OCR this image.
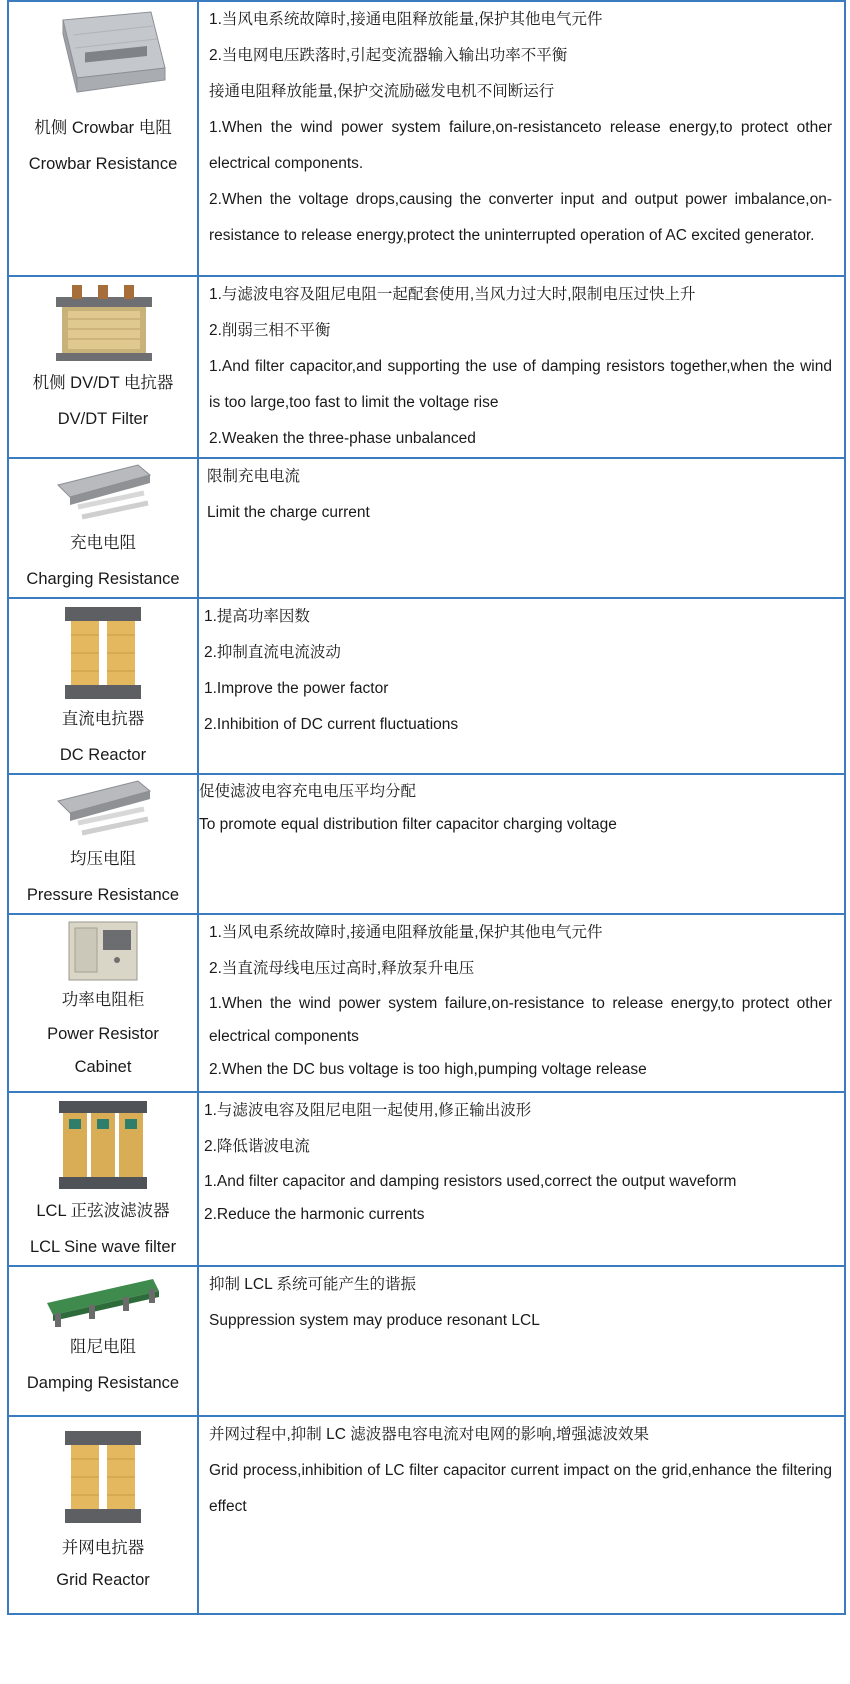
机侧 Crowbar 电阻
Crowbar Resistance	1.当风电系统故障时,接通电阻释放能量,保护其他电气元件
2.当电网电压跌落时,引起变流器输入输出功率不平衡
接通电阻释放能量,保护交流励磁发电机不间断运行
1.When the wind power system failure,on-resistanceto release energy,to protect other electrical components.
2.When the voltage drops,causing the converter input and output power imbalance,on-resistance to release energy,protect the uninterrupted operation of AC excited generator.

机侧 DV/DT 电抗器
DV/DT Filter	1.与滤波电容及阻尼电阻一起配套使用,当风力过大时,限制电压过快上升
2.削弱三相不平衡
1.And filter capacitor,and supporting the use of damping resistors together,when the wind is too large,too fast to limit the voltage rise
2.Weaken the three-phase unbalanced

充电电阻
Charging Resistance	限制充电电流
Limit the charge current

直流电抗器
DC Reactor	1.提高功率因数
2.抑制直流电流波动
1.Improve the power factor
2.Inhibition of DC current fluctuations

均压电阻
Pressure Resistance	促使滤波电容充电电压平均分配
To promote equal distribution filter capacitor charging voltage

功率电阻柜
Power Resistor Cabinet	1.当风电系统故障时,接通电阻释放能量,保护其他电气元件
2.当直流母线电压过高时,释放泵升电压
1.When the wind power system failure,on-resistance to release energy,to protect other electrical components
2.When the DC bus voltage is too high,pumping voltage release

LCL 正弦波滤波器
LCL Sine wave filter	1.与滤波电容及阻尼电阻一起使用,修正输出波形
2.降低谐波电流
1.And filter capacitor and damping resistors used,correct the output waveform
2.Reduce the harmonic currents

阻尼电阻
Damping Resistance	抑制 LCL 系统可能产生的谐振
Suppression system may produce resonant LCL

并网电抗器
Grid Reactor	并网过程中,抑制 LC 滤波器电容电流对电网的影响,增强滤波效果
Grid process,inhibition of LC filter capacitor current impact on the grid,enhance the filtering effect
